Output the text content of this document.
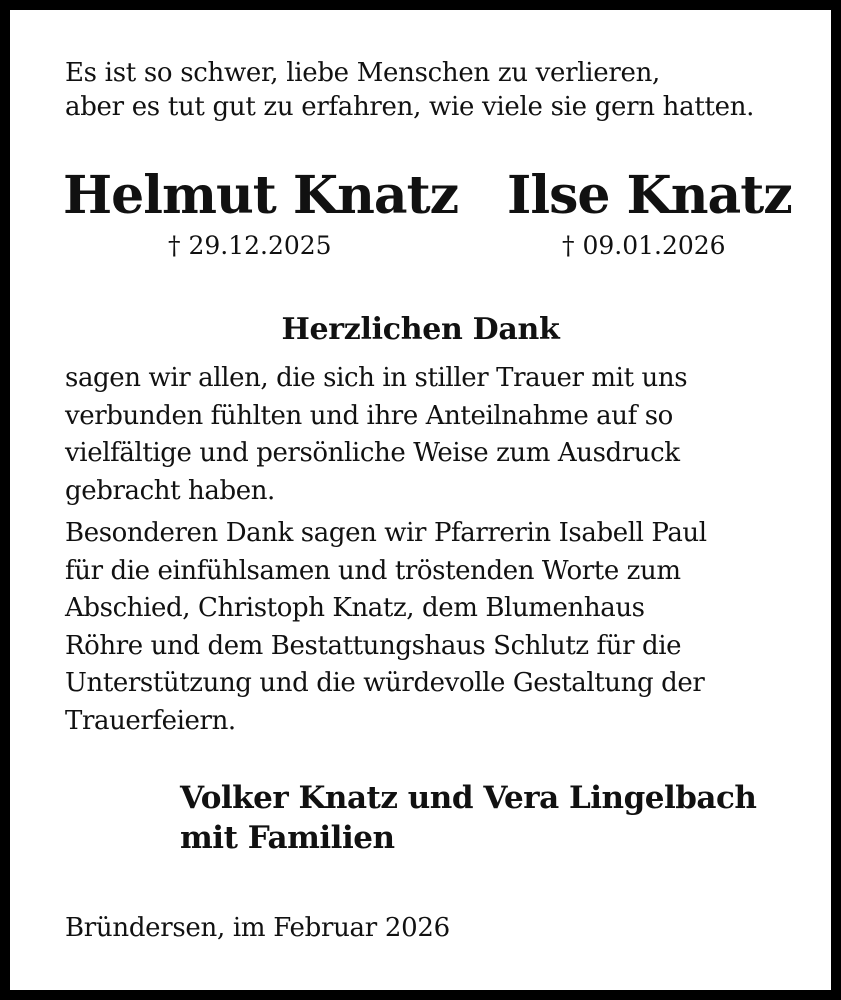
Es ist so schwer, liebe Menschen zu verlieren,
aber es tut gut zu erfahren, wie viele sie gern hatten.
Helmut Knatz Ilse Knatz
† 29.12.2025	† 09.01.2026
Herzlichen Dank
sagen wir allen, die sich in stiller Trauer mit uns
verbunden fühlten und ihre Anteilnahme auf so
vielfältige und persönliche Weise zum Ausdruck
gebracht haben.
Besonderen Dank sagen wir Pfarrerin Isabell Paul
für die einfühlsamen und tröstenden Worte zum
Abschied, Christoph Knatz, dem Blumenhaus
Röhre und dem Bestattungshaus Schlutz für die
Unterstützung und die würdevolle Gestaltung der
Trauerfeiern.
Volker Knatz und Vera Lingelbach
mit Familien
Bründersen, im Februar 2026
